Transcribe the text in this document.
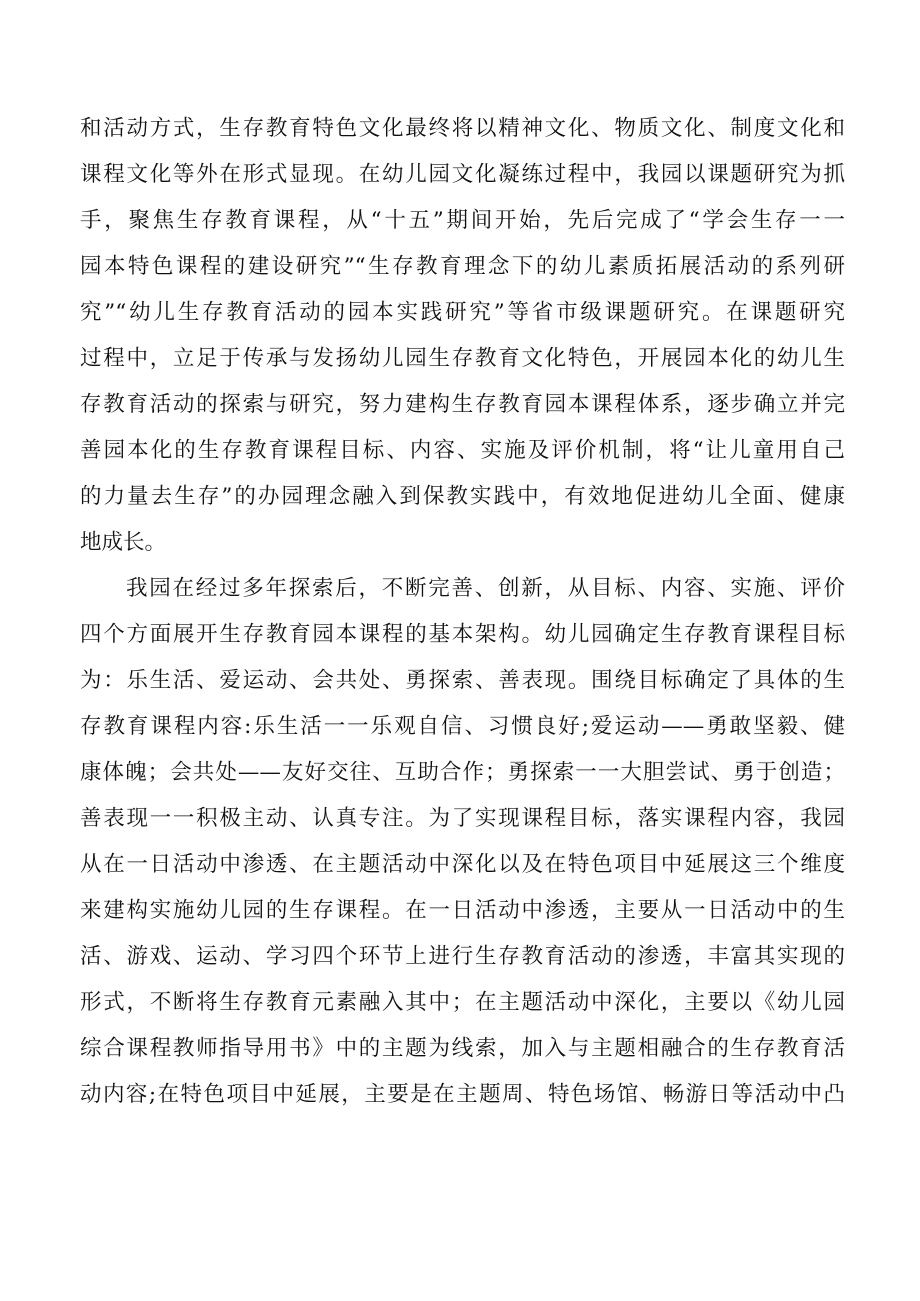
和活动方式，生存教育特色文化最终将以精神文化、物质文化、制度文化和
课程文化等外在形式显现。在幼儿园文化凝练过程中，我园以课题研究为抓
手，聚焦生存教育课程，从“十五”期间开始，先后完成了“学会生存一一
园本特色课程的建设研究”“生存教育理念下的幼儿素质拓展活动的系列研
究”“幼儿生存教育活动的园本实践研究”等省市级课题研究。在课题研究
过程中，立足于传承与发扬幼儿园生存教育文化特色，开展园本化的幼儿生
存教育活动的探索与研究，努力建构生存教育园本课程体系，逐步确立并完
善园本化的生存教育课程目标、内容、实施及评价机制，将“让儿童用自己
的力量去生存”的办园理念融入到保教实践中，有效地促进幼儿全面、健康
地成长。
我园在经过多年探索后，不断完善、创新，从目标、内容、实施、评价
四个方面展开生存教育园本课程的基本架构。幼儿园确定生存教育课程目标
为：乐生活、爱运动、会共处、勇探索、善表现。围绕目标确定了具体的生
存教育课程内容:乐生活一一乐观自信、习惯良好;爱运动——勇敢坚毅、健
康体魄；会共处——友好交往、互助合作；勇探索一一大胆尝试、勇于创造；
善表现一一积极主动、认真专注。为了实现课程目标，落实课程内容，我园
从在一日活动中渗透、在主题活动中深化以及在特色项目中延展这三个维度
来建构实施幼儿园的生存课程。在一日活动中渗透，主要从一日活动中的生
活、游戏、运动、学习四个环节上进行生存教育活动的渗透，丰富其实现的
形式，不断将生存教育元素融入其中；在主题活动中深化，主要以《幼儿园
综合课程教师指导用书》中的主题为线索，加入与主题相融合的生存教育活
动内容;在特色项目中延展，主要是在主题周、特色场馆、畅游日等活动中凸
